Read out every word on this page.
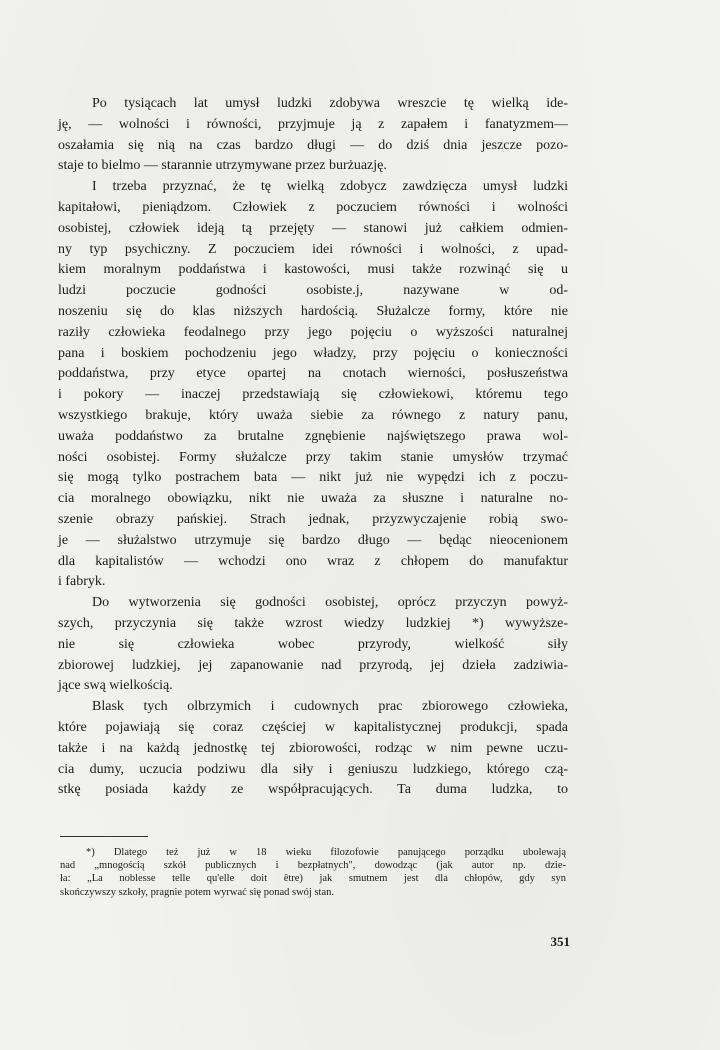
Po tysiącach lat umysł ludzki zdobywa wreszcie tę wielką ide-
ję, — wolności i równości, przyjmuje ją z zapałem i fanatyzmem—
oszałamia się nią na czas bardzo długi — do dziś dnia jeszcze pozo-
staje to bielmo — starannie utrzymywane przez burżuazję.
I trzeba przyznać, że tę wielką zdobycz zawdzięcza umysł ludzki
kapitałowi, pieniądzom. Człowiek z poczuciem równości i wolności
osobistej, człowiek ideją tą przejęty — stanowi już całkiem odmien-
ny typ psychiczny. Z poczuciem idei równości i wolności, z upad-
kiem moralnym poddaństwa i kastowości, musi także rozwinąć się u
ludzi poczucie godności osobiste.j, nazywane w od-
noszeniu się do klas niższych hardością. Służalcze formy, które nie
raziły człowieka feodalnego przy jego pojęciu o wyższości naturalnej
pana i boskiem pochodzeniu jego władzy, przy pojęciu o konieczności
poddaństwa, przy etyce opartej na cnotach wierności, posłuszeństwa
i pokory — inaczej przedstawiają się człowiekowi, któremu tego
wszystkiego brakuje, który uważa siebie za równego z natury panu,
uważa poddaństwo za brutalne zgnębienie najświętszego prawa wol-
ności osobistej. Formy służalcze przy takim stanie umysłów trzymać
się mogą tylko postrachem bata — nikt już nie wypędzi ich z poczu-
cia moralnego obowiązku, nikt nie uważa za słuszne i naturalne no-
szenie obrazy pańskiej. Strach jednak, przyzwyczajenie robią swo-
je — służalstwo utrzymuje się bardzo długo — będąc nieocenionem
dla kapitalistów — wchodzi ono wraz z chłopem do manufaktur
i fabryk.
Do wytworzenia się godności osobistej, oprócz przyczyn powyż-
szych, przyczynia się także wzrost wiedzy ludzkiej *) wywyższe-
nie się człowieka wobec przyrody, wielkość siły
zbiorowej ludzkiej, jej zapanowanie nad przyrodą, jej dzieła zadziwia-
jące swą wielkością.
Blask tych olbrzymich i cudownych prac zbiorowego człowieka,
które pojawiają się coraz częściej w kapitalistycznej produkcji, spada
także i na każdą jednostkę tej zbiorowości, rodząc w nim pewne uczu-
cia dumy, uczucia podziwu dla siły i geniuszu ludzkiego, którego czą-
stkę posiada każdy ze współpracujących. Ta duma ludzka, to
*) Dlatego też już w 18 wieku filozofowie panującego porządku ubolewają
nad „mnogością szkół publicznych i bezpłatnych", dowodząc (jak autor np. dzie-
ła: „La noblesse telle qu'elle doit être) jak smutnem jest dla chłopów, gdy syn
skończywszy szkoły, pragnie potem wyrwać się ponad swój stan.
351
